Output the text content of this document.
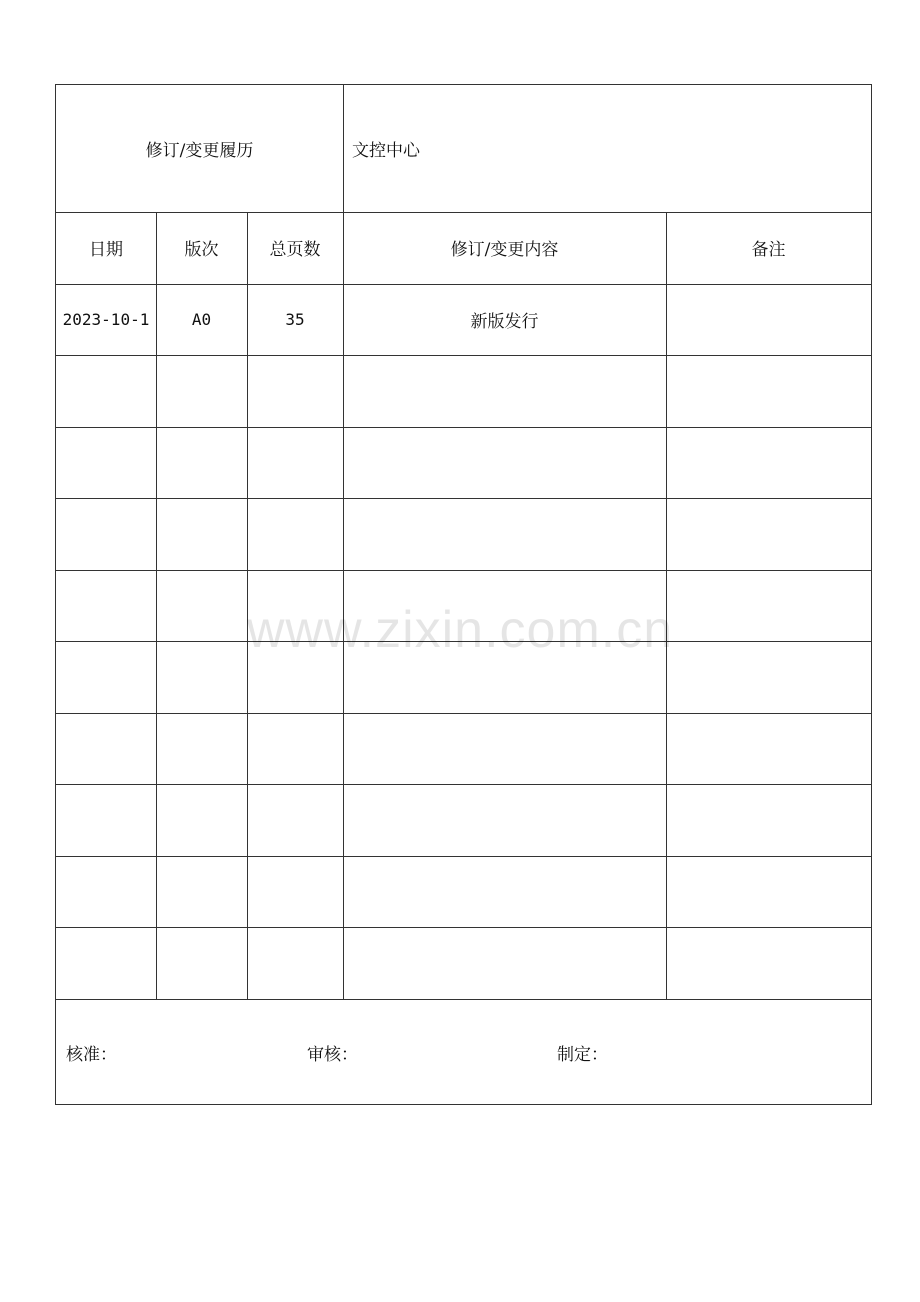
修订/变更履历	文控中心
日期	版次	总页数	修订/变更内容	备注
2023-10-1	A0	35	新版发行
核准：	审核：	制定：
www.zixin.com.cn
